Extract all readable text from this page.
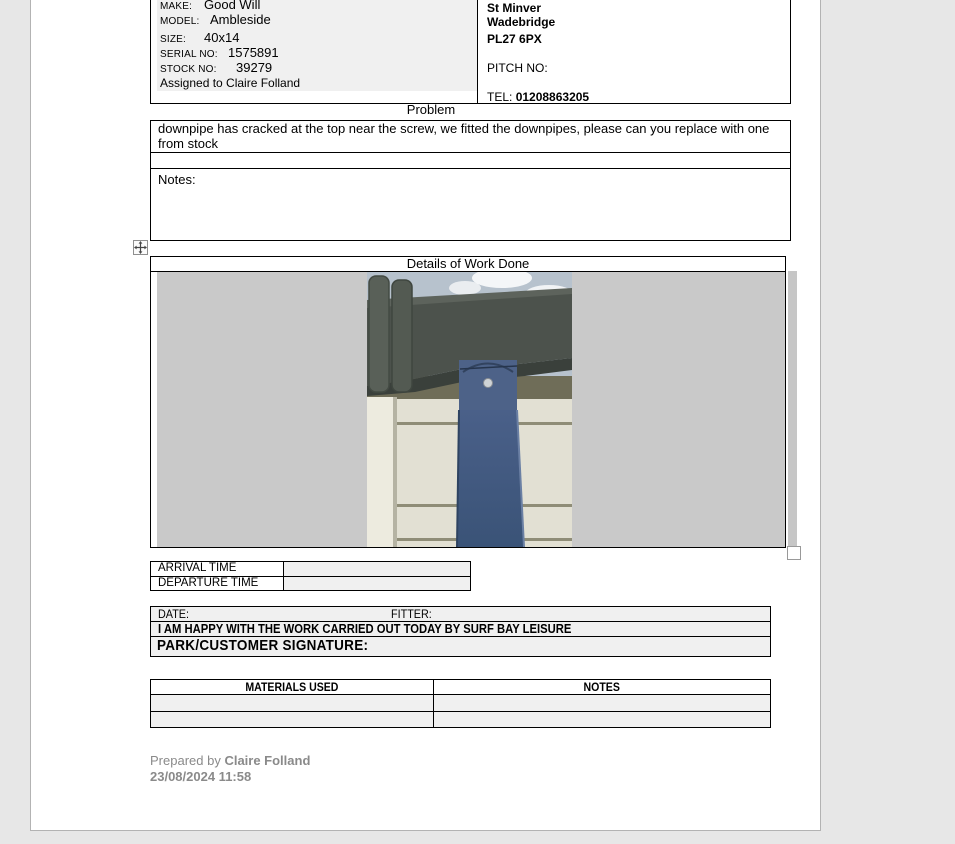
MAKE: Good Will
MODEL: Ambleside
SIZE: 40x14
SERIAL NO: 1575891
STOCK NO: 39279
Assigned to Claire Folland
St Minver
Wadebridge
PL27 6PX
PITCH NO:
TEL: 01208863205
Problem
downpipe has cracked at the top near the screw, we fitted the downpipes, please can you replace with one from stock
Notes:
Details of Work Done
ARRIVAL TIME
DEPARTURE TIME
DATE:	FITTER:
I AM HAPPY WITH THE WORK CARRIED OUT TODAY BY SURF BAY LEISURE
PARK/CUSTOMER SIGNATURE:
MATERIALS USED	NOTES
Prepared by Claire Folland
23/08/2024 11:58
